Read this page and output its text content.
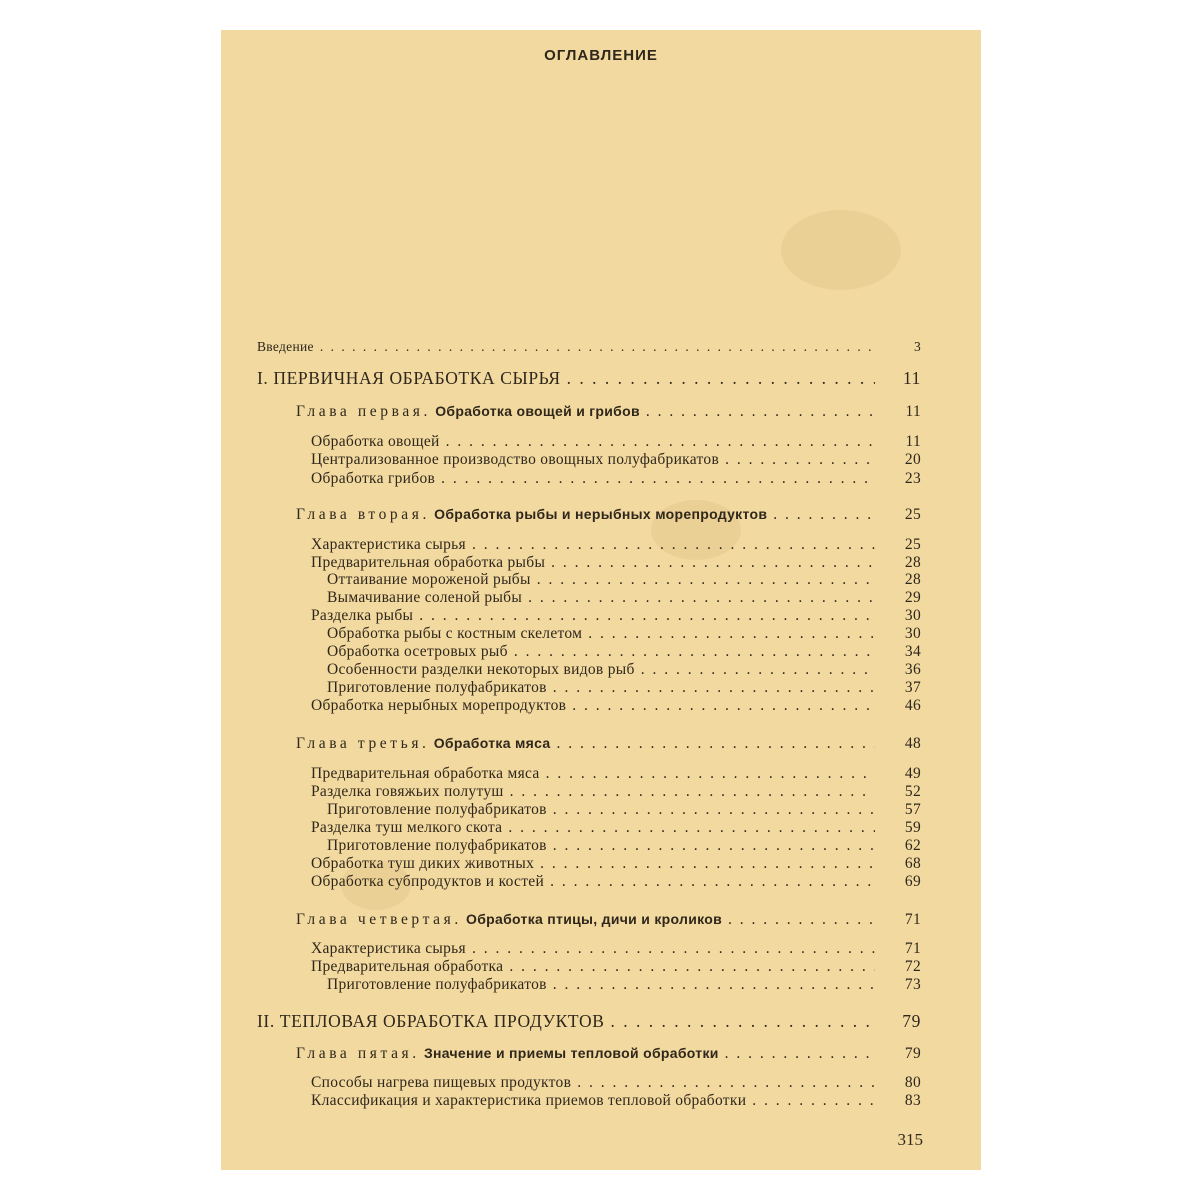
ОГЛАВЛЕНИЕ
Введение . . .	3
I. ПЕРВИЧНАЯ ОБРАБОТКА СЫРЬЯ . . .	11
Глава первая. Обработка овощей и грибов . . .	11
Обработка овощей . . .	11
Централизованное производство овощных полуфабрикатов . . .	20
Обработка грибов . . .	23
Глава вторая. Обработка рыбы и нерыбных морепродуктов . . .	25
Характеристика сырья . . .	25
Предварительная обработка рыбы . . .	28
Оттаивание мороженой рыбы . . .	28
Вымачивание соленой рыбы . . .	29
Разделка рыбы . . .	30
Обработка рыбы с костным скелетом . . .	30
Обработка осетровых рыб . . .	34
Особенности разделки некоторых видов рыб . . .	36
Приготовление полуфабрикатов . . .	37
Обработка нерыбных морепродуктов . . .	46
Глава третья. Обработка мяса . . .	48
Предварительная обработка мяса . . .	49
Разделка говяжьих полутуш . . .	52
Приготовление полуфабрикатов . . .	57
Разделка туш мелкого скота . . .	59
Приготовление полуфабрикатов . . .	62
Обработка туш диких животных . . .	68
Обработка субпродуктов и костей . . .	69
Глава четвертая. Обработка птицы, дичи и кроликов . . .	71
Характеристика сырья . . .	71
Предварительная обработка . . .	72
Приготовление полуфабрикатов . . .	73
II. ТЕПЛОВАЯ ОБРАБОТКА ПРОДУКТОВ . . .	79
Глава пятая. Значение и приемы тепловой обработки . . .	79
Способы нагрева пищевых продуктов . . .	80
Классификация и характеристика приемов тепловой обработки . . .	83
315
